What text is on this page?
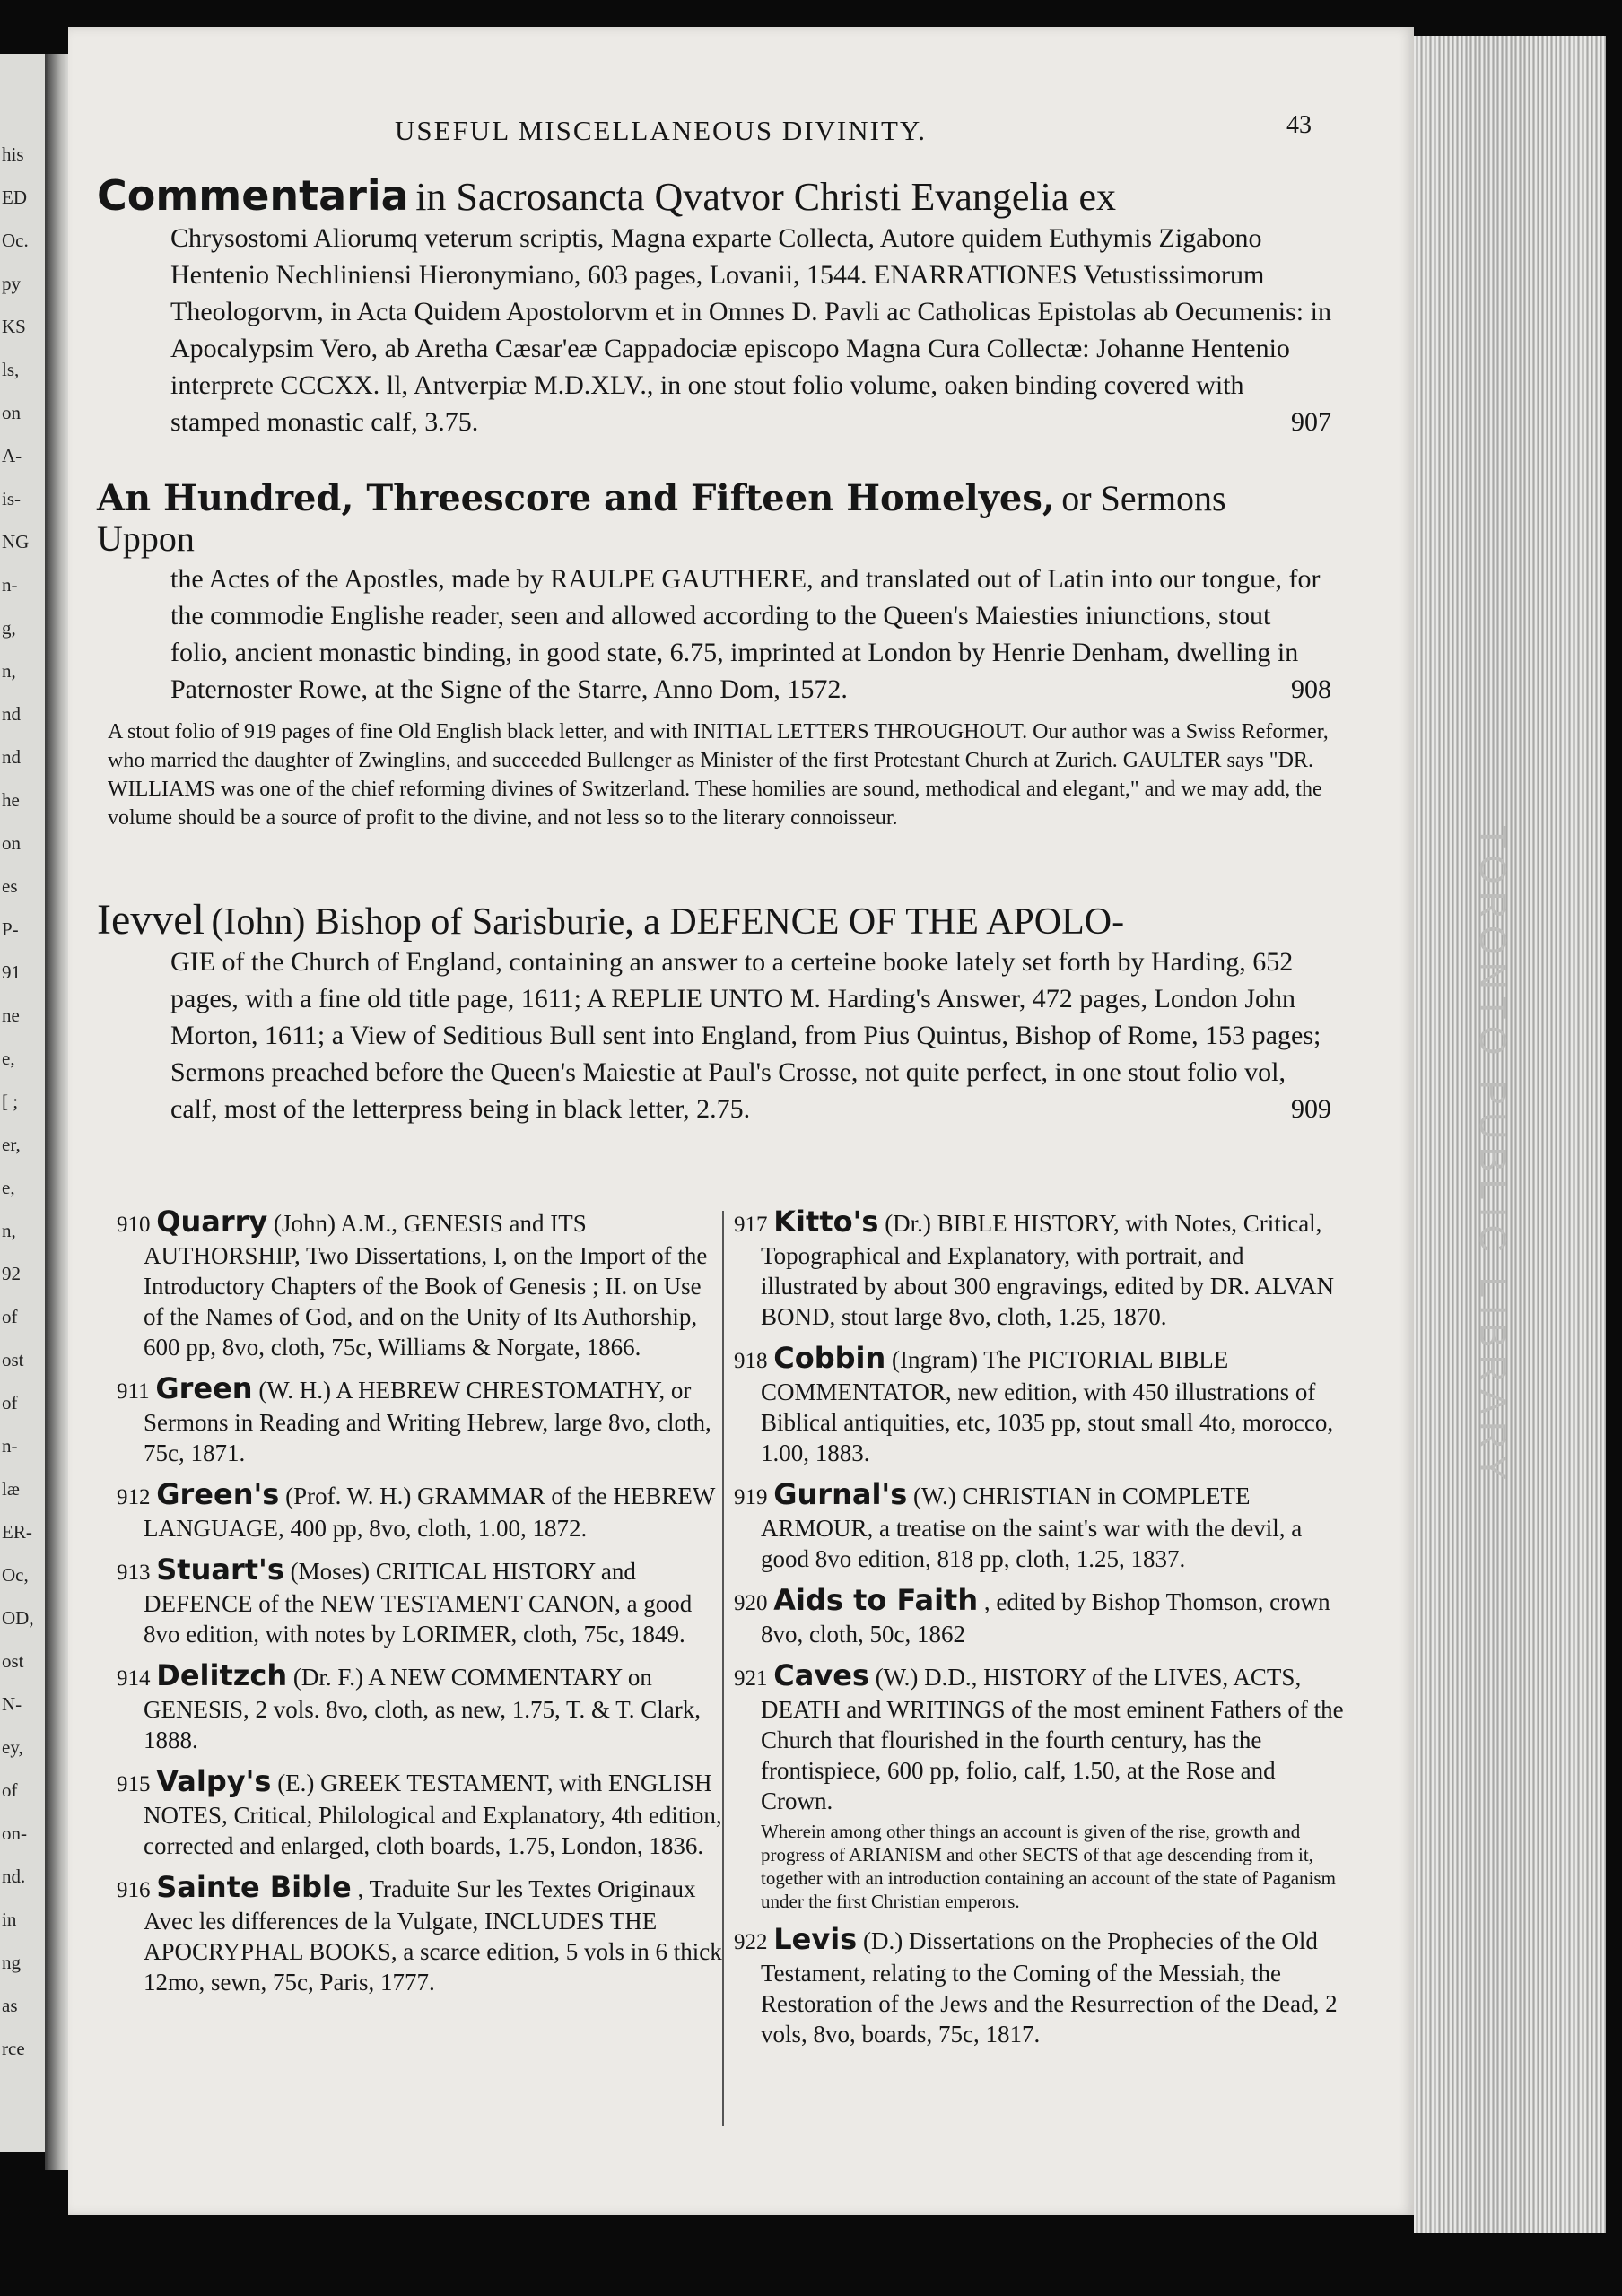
his
ED
Oc.
py
KS
ls,
on
A-
is-
NG
n-
g,
n,
nd
nd
he
on
es
P-
91
ne
e,
[ ;
er,
e,
n,
92
of
ost
of
n-
læ
ER-
Oc,
OD,
ost
N-
ey,
of
on-
nd.
in
ng
as
rce
TORONTO PUBLIC LIBRARY
USEFUL MISCELLANEOUS DIVINITY.	43
Commentaria in Sacrosancta Qvatvor Christi Evangelia ex
Chrysostomi Aliorumq veterum scriptis, Magna exparte Collecta, Autore quidem Euthymis Zigabono Hentenio Nechliniensi Hieronymiano, 603 pages, Lovanii, 1544. ENARRATIONES Vetustissimorum Theologorvm, in Acta Quidem Apostolorvm et in Omnes D. Pavli ac Catholicas Epistolas ab Oecumenis: in Apocalypsim Vero, ab Aretha Cæsar'eæ Cappadociæ episcopo Magna Cura Collectæ: Johanne Hentenio interprete CCCXX. ll, Antverpiæ M.D.XLV., in one stout folio volume, oaken binding covered with stamped monastic calf, 3.75.	907
An Hundred, Threescore and Fifteen Homelyes, or Sermons Uppon
the Actes of the Apostles, made by RAULPE GAUTHERE, and translated out of Latin into our tongue, for the commodie Englishe reader, seen and allowed according to the Queen's Maiesties iniunctions, stout folio, ancient monastic binding, in good state, 6.75, imprinted at London by Henrie Denham, dwelling in Paternoster Rowe, at the Signe of the Starre, Anno Dom, 1572.	908
A stout folio of 919 pages of fine Old English black letter, and with INITIAL LETTERS THROUGHOUT. Our author was a Swiss Reformer, who married the daughter of Zwinglins, and succeeded Bullenger as Minister of the first Protestant Church at Zurich. GAULTER says "DR. WILLIAMS was one of the chief reforming divines of Switzerland. These homilies are sound, methodical and elegant," and we may add, the volume should be a source of profit to the divine, and not less so to the literary connoisseur.
Ievvel (Iohn) Bishop of Sarisburie, a DEFENCE OF THE APOLO-
GIE of the Church of England, containing an answer to a certeine booke lately set forth by Harding, 652 pages, with a fine old title page, 1611; A REPLIE UNTO M. Harding's Answer, 472 pages, London John Morton, 1611; a View of Seditious Bull sent into England, from Pius Quintus, Bishop of Rome, 153 pages; Sermons preached before the Queen's Maiestie at Paul's Crosse, not quite perfect, in one stout folio vol, calf, most of the letterpress being in black letter, 2.75.	909
910 Quarry (John) A.M., GENESIS and ITS AUTHORSHIP, Two Dissertations, I, on the Import of the Introductory Chapters of the Book of Genesis ; II. on Use of the Names of God, and on the Unity of Its Authorship, 600 pp, 8vo, cloth, 75c, Williams & Norgate, 1866.
911 Green (W. H.) A HEBREW CHRESTOMATHY, or Sermons in Reading and Writing Hebrew, large 8vo, cloth, 75c, 1871.
912 Green's (Prof. W. H.) GRAMMAR of the HEBREW LANGUAGE, 400 pp, 8vo, cloth, 1.00, 1872.
913 Stuart's (Moses) CRITICAL HISTORY and DEFENCE of the NEW TESTAMENT CANON, a good 8vo edition, with notes by LORIMER, cloth, 75c, 1849.
914 Delitzch (Dr. F.) A NEW COMMENTARY on GENESIS, 2 vols. 8vo, cloth, as new, 1.75, T. & T. Clark, 1888.
915 Valpy's (E.) GREEK TESTAMENT, with ENGLISH NOTES, Critical, Philological and Explanatory, 4th edition, corrected and enlarged, cloth boards, 1.75, London, 1836.
916 Sainte Bible , Traduite Sur les Textes Originaux Avec les differences de la Vulgate, INCLUDES THE APOCRYPHAL BOOKS, a scarce edition, 5 vols in 6 thick 12mo, sewn, 75c, Paris, 1777.
917 Kitto's (Dr.) BIBLE HISTORY, with Notes, Critical, Topographical and Explanatory, with portrait, and illustrated by about 300 engravings, edited by DR. ALVAN BOND, stout large 8vo, cloth, 1.25, 1870.
918 Cobbin (Ingram) The PICTORIAL BIBLE COMMENTATOR, new edition, with 450 illustrations of Biblical antiquities, etc, 1035 pp, stout small 4to, morocco, 1.00, 1883.
919 Gurnal's (W.) CHRISTIAN in COMPLETE ARMOUR, a treatise on the saint's war with the devil, a good 8vo edition, 818 pp, cloth, 1.25, 1837.
920 Aids to Faith , edited by Bishop Thomson, crown 8vo, cloth, 50c, 1862
921 Caves (W.) D.D., HISTORY of the LIVES, ACTS, DEATH and WRITINGS of the most eminent Fathers of the Church that flourished in the fourth century, has the frontispiece, 600 pp, folio, calf, 1.50, at the Rose and Crown.
Wherein among other things an account is given of the rise, growth and progress of ARIANISM and other SECTS of that age descending from it, together with an introduction containing an account of the state of Paganism under the first Christian emperors.
922 Levis (D.) Dissertations on the Prophecies of the Old Testament, relating to the Coming of the Messiah, the Restoration of the Jews and the Resurrection of the Dead, 2 vols, 8vo, boards, 75c, 1817.
